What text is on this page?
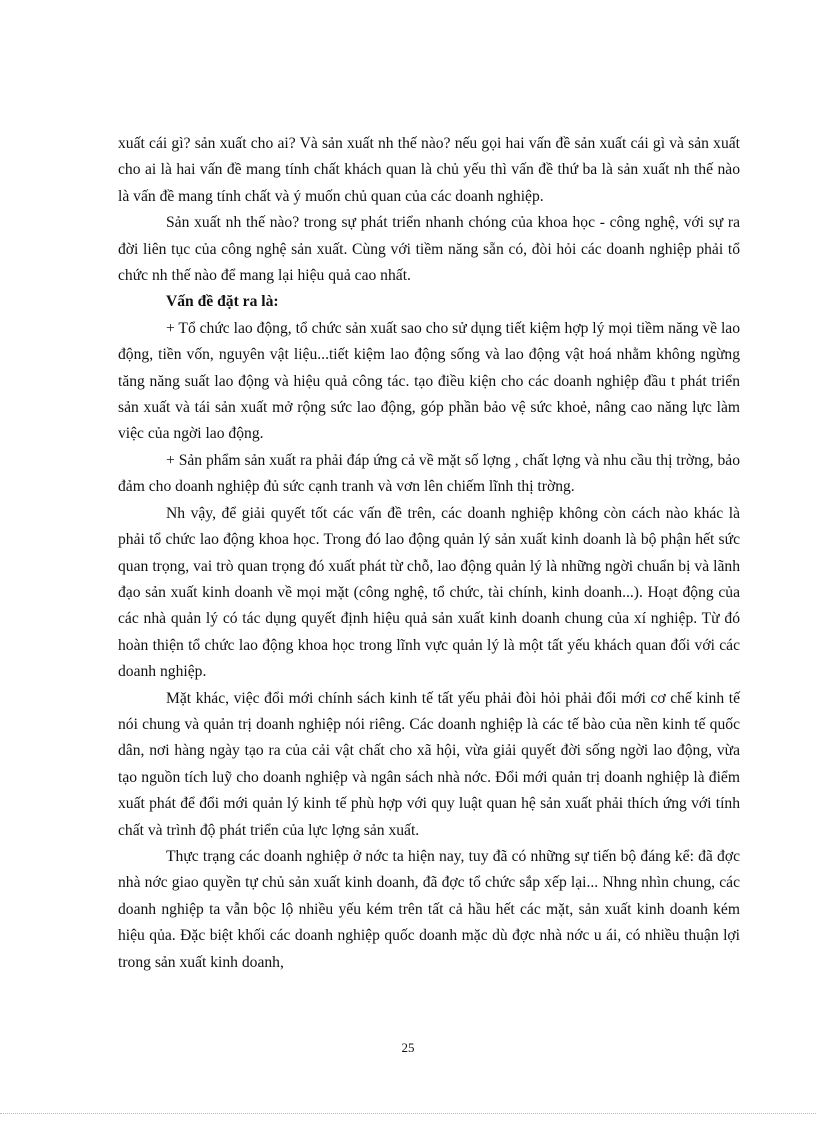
xuất cái gì? sản xuất cho ai? Và sản xuất nh thế nào? nếu gọi hai vấn đề sản xuất cái gì và sản xuất cho ai là hai vấn đề mang tính chất khách quan là chủ yếu thì vấn đề thứ ba là sản xuất nh thế nào là vấn đề mang tính chất và ý muốn chủ quan của các doanh nghiệp.

Sản xuất nh thế nào? trong sự phát triển nhanh chóng của khoa học - công nghệ, với sự ra đời liên tục của công nghệ sản xuất. Cùng với tiềm năng sẵn có, đòi hỏi các doanh nghiệp phải tổ chức nh thế nào để mang lại hiệu quả cao nhất.

Vấn đề đặt ra là:

+ Tổ chức lao động, tổ chức sản xuất sao cho sử dụng tiết kiệm hợp lý mọi tiềm năng về lao động, tiền vốn, nguyên vật liệu...tiết kiệm lao động sống và lao động vật hoá nhằm không ngừng tăng năng suất lao động và hiệu quả công tác. tạo điều kiện cho các doanh nghiệp đầu t phát triển sản xuất và tái sản xuất mở rộng sức lao động, góp phần bảo vệ sức khoẻ, nâng cao năng lực làm việc của ngời lao động.

+ Sản phẩm sản xuất ra phải đáp ứng cả về mặt số lợng , chất lợng và nhu cầu thị trờng, bảo đảm cho doanh nghiệp đủ sức cạnh tranh và vơn lên chiếm lĩnh thị trờng.

Nh vậy, để giải quyết tốt các vấn đề trên, các doanh nghiệp không còn cách nào khác là phải tổ chức lao động khoa học. Trong đó lao động quản lý sản xuất kinh doanh là bộ phận hết sức quan trọng, vai trò quan trọng đó xuất phát từ chỗ, lao động quản lý là những ngời chuẩn bị và lãnh đạo sản xuất kinh doanh về mọi mặt (công nghệ, tổ chức, tài chính, kinh doanh...). Hoạt động của các nhà quản lý có tác dụng quyết định hiệu quả sản xuất kinh doanh chung của xí nghiệp. Từ đó hoàn thiện tổ chức lao động khoa học trong lĩnh vực quản lý là một tất yếu khách quan đối với các doanh nghiệp.

Mặt khác, việc đổi mới chính sách kinh tế tất yếu phải đòi hỏi phải đổi mới cơ chế kinh tế nói chung và quản trị doanh nghiệp nói riêng. Các doanh nghiệp là các tế bào của nền kinh tế quốc dân, nơi hàng ngày tạo ra của cải vật chất cho xã hội, vừa giải quyết đời sống ngời lao động, vừa tạo nguồn tích luỹ cho doanh nghiệp và ngân sách nhà nớc. Đổi mới quản trị doanh nghiệp là điểm xuất phát để đổi mới quản lý kinh tế phù hợp với quy luật quan hệ sản xuất phải thích ứng với tính chất và trình độ phát triển của lực lợng sản xuất.

Thực trạng các doanh nghiệp ở nớc ta hiện nay, tuy đã có những sự tiến bộ đáng kể: đã đợc nhà nớc giao quyền tự chủ sản xuất kinh doanh, đã đợc tổ chức sắp xếp lại... Nhng nhìn chung, các doanh nghiệp ta vẫn bộc lộ nhiều yếu kém trên tất cả hầu hết các mặt, sản xuất kinh doanh kém hiệu qủa. Đặc biệt khối các doanh nghiệp quốc doanh mặc dù đợc nhà nớc u ái, có nhiều thuận lợi trong sản xuất kinh doanh,

25
